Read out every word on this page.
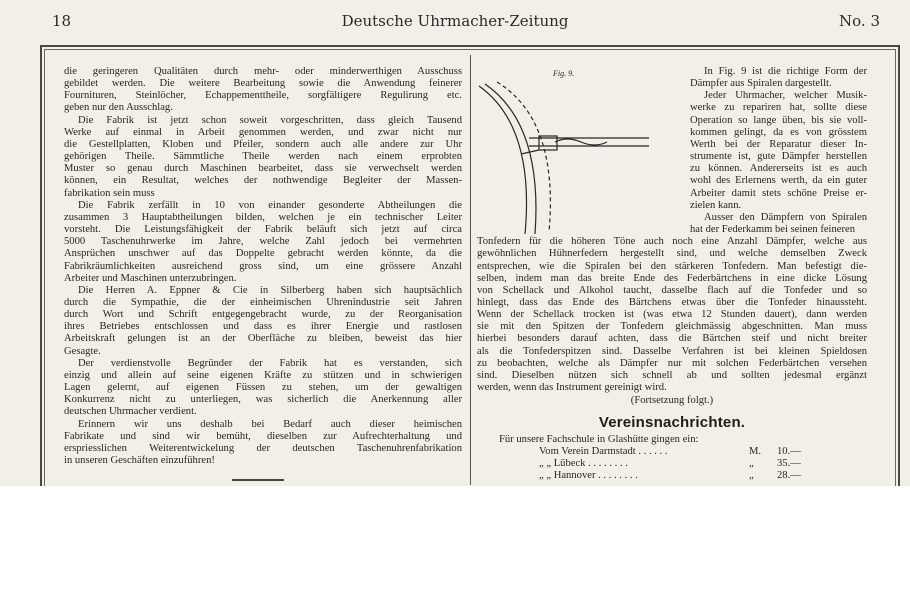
18	Deutsche Uhrmacher-Zeitung	No. 3

die geringeren Qualitäten durch mehr- oder minderwerthigen Ausschuss
gebildet werden. Die weitere Bearbeitung sowie die Anwendung feinerer
Fournituren, Steinlöcher, Echappementtheile, sorgfältigere Regulirung etc.
geben nur den Ausschlag.

Die Fabrik ist jetzt schon soweit vorgeschritten, dass gleich Tausend
Werke auf einmal in Arbeit genommen werden, und zwar nicht nur
die Gestellplatten, Kloben und Pfeiler, sondern auch alle andere zur Uhr
gehörigen Theile. Sämmtliche Theile werden nach einem erprobten
Muster so genau durch Maschinen bearbeitet, dass sie verwechselt werden
können, ein Resultat, welches der nothwendige Begleiter der Massen-
fabrikation sein muss

Die Fabrik zerfällt in 10 von einander gesonderte Abtheilungen die
zusammen 3 Hauptabtheilungen bilden, welchen je ein technischer Leiter
vorsteht. Die Leistungsfähigkeit der Fabrik beläuft sich jetzt auf circa
5000 Taschenuhrwerke im Jahre, welche Zahl jedoch bei vermehrten
Ansprüchen unschwer auf das Doppelte gebracht werden könnte, da die
Fabrikräumlichkeiten ausreichend gross sind, um eine grössere Anzahl
Arbeiter und Maschinen unterzubringen.

Die Herren A. Eppner & Cie in Silberberg haben sich hauptsächlich
durch die Sympathie, die der einheimischen Uhrenindustrie seit Jahren
durch Wort und Schrift entgegengebracht wurde, zu der Reorganisation
ihres Betriebes entschlossen und dass es ihrer Energie und rastlosen
Arbeitskraft gelungen ist an der Oberfläche zu bleiben, beweist das hier
Gesagte.

Der verdienstvolle Begründer der Fabrik hat es verstanden, sich
einzig und allein auf seine eigenen Kräfte zu stützen und in schwierigen
Lagen gelernt, auf eigenen Füssen zu stehen, um der gewaltigen
Konkurrenz nicht zu unterliegen, was sicherlich die Anerkennung aller
deutschen Uhrmacher verdient.

Erinnern wir uns deshalb bei Bedarf auch dieser heimischen
Fabrikate und sind wir bemüht, dieselben zur Aufrechterhaltung und
erspriesslichen Weiterentwickelung der deutschen Taschenuhrenfabrikation
in unseren Geschäften einzuführen!

Fig. 9.	In Fig. 9 ist die richtige Form der
Dämpfer aus Spiralen dargestellt.

Jeder Uhrmacher, welcher Musik-
werke zu repariren hat, sollte diese
Operation so lange üben, bis sie voll-
kommen gelingt, da es von grösstem
Werth bei der Reparatur dieser In-
strumente ist, gute Dämpfer herstellen
zu können. Andererseits ist es auch
wohl des Erlernens werth, da ein guter
Arbeiter damit stets schöne Preise er-
zielen kann.

Ausser den Dämpfern von Spiralen
hat der Federkamm bei seinen feineren

Tonfedern für die höheren Töne auch noch eine Anzahl Dämpfer, welche aus
gewöhnlichen Hühnerfedern hergestellt sind, und welche demselben Zweck
entsprechen, wie die Spiralen bei den stärkeren Tonfedern. Man befestigt die-
selben, indem man das breite Ende des Federbärtchens in eine dicke Lösung
von Schellack und Alkohol taucht, dasselbe flach auf die Tonfeder und so
hinlegt, dass das Ende des Bärtchens etwas über die Tonfeder hinaussteht.
Wenn der Schellack trocken ist (was etwa 12 Stunden dauert), dann werden
sie mit den Spitzen der Tonfedern gleichmässig abgeschnitten. Man muss
hierbei besonders darauf achten, dass die Bärtchen steif und nicht breiter
als die Tonfederspitzen sind. Dasselbe Verfahren ist bei kleinen Spieldosen
zu beobachten, welche als Dämpfer nur mit solchen Federbärtchen versehen
sind. Dieselben nützen sich schnell ab und sollten jedesmal ergänzt
werden, wenn das Instrument gereinigt wird.
(Fortsetzung folgt.)
Vereinsnachrichten.
Für unsere Fachschule in Glashütte gingen ein:
Vom Verein Darmstadt . . . . . .	M. 10.—
„ „ Lübeck . . . . . . . .	„ 35.—
„ „ Hannover . . . . . . . .	„ 28.—
